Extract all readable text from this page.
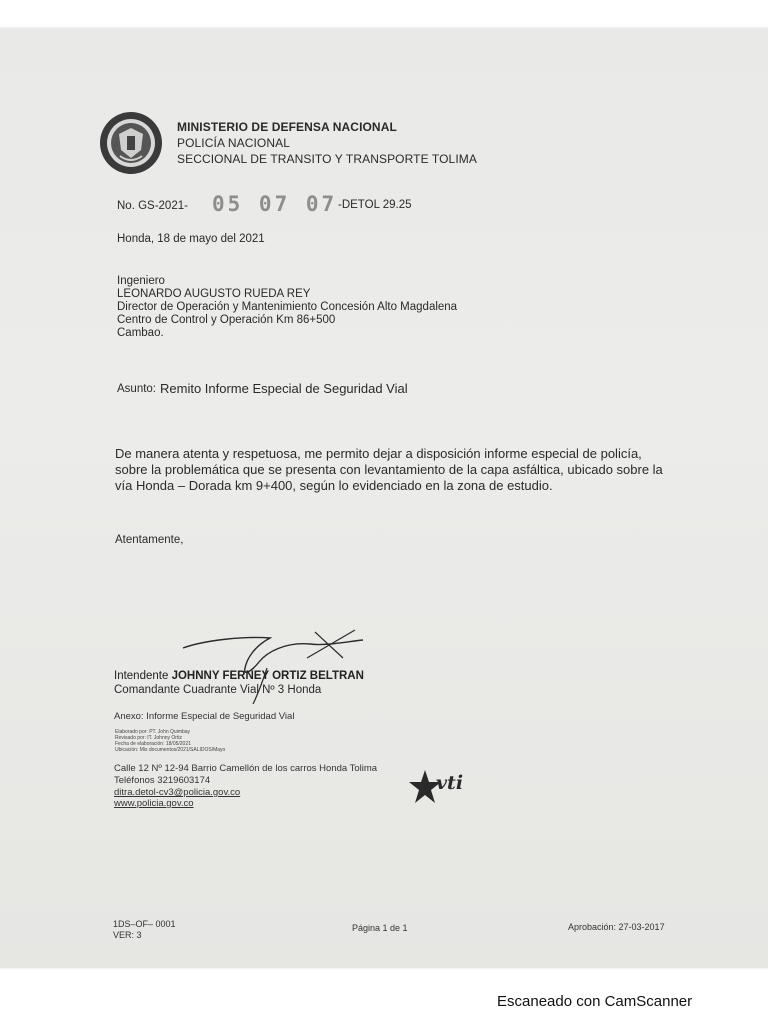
MINISTERIO DE DEFENSA NACIONAL
POLICÍA NACIONAL
SECCIONAL DE TRANSITO Y TRANSPORTE TOLIMA
No. GS-2021- 05 07 07 -DETOL 29.25
Honda, 18 de mayo del 2021
Ingeniero
LEONARDO AUGUSTO RUEDA REY
Director de Operación y Mantenimiento Concesión Alto Magdalena
Centro de Control y Operación Km 86+500
Cambao.
Asunto: Remito Informe Especial de Seguridad Vial
De manera atenta y respetuosa, me permito dejar a disposición informe especial de policía,
sobre la problemática que se presenta con levantamiento de la capa asfáltica, ubicado sobre la
vía Honda – Dorada km 9+400, según lo evidenciado en la zona de estudio.
Atentamente,
Intendente JOHNNY FERNEY ORTIZ BELTRAN
Comandante Cuadrante Vial Nº 3 Honda
Anexo: Informe Especial de Seguridad Vial
Elaborado por: PT. John Quimbay
Revisado por: IT. Johnny Ortiz
Fecha de elaboración: 18/05/2021
Ubicación: Mis documentos/2021/SALIDOS/Mayo
Calle 12 Nº 12-94 Barrio Camellón de los carros Honda Tolima
Teléfonos 3219603174
ditra.detol-cv3@policia.gov.co
www.policia.gov.co
vti
1DS–OF– 0001
VER: 3
Página 1 de 1	Aprobación: 27-03-2017
Escaneado con CamScanner
